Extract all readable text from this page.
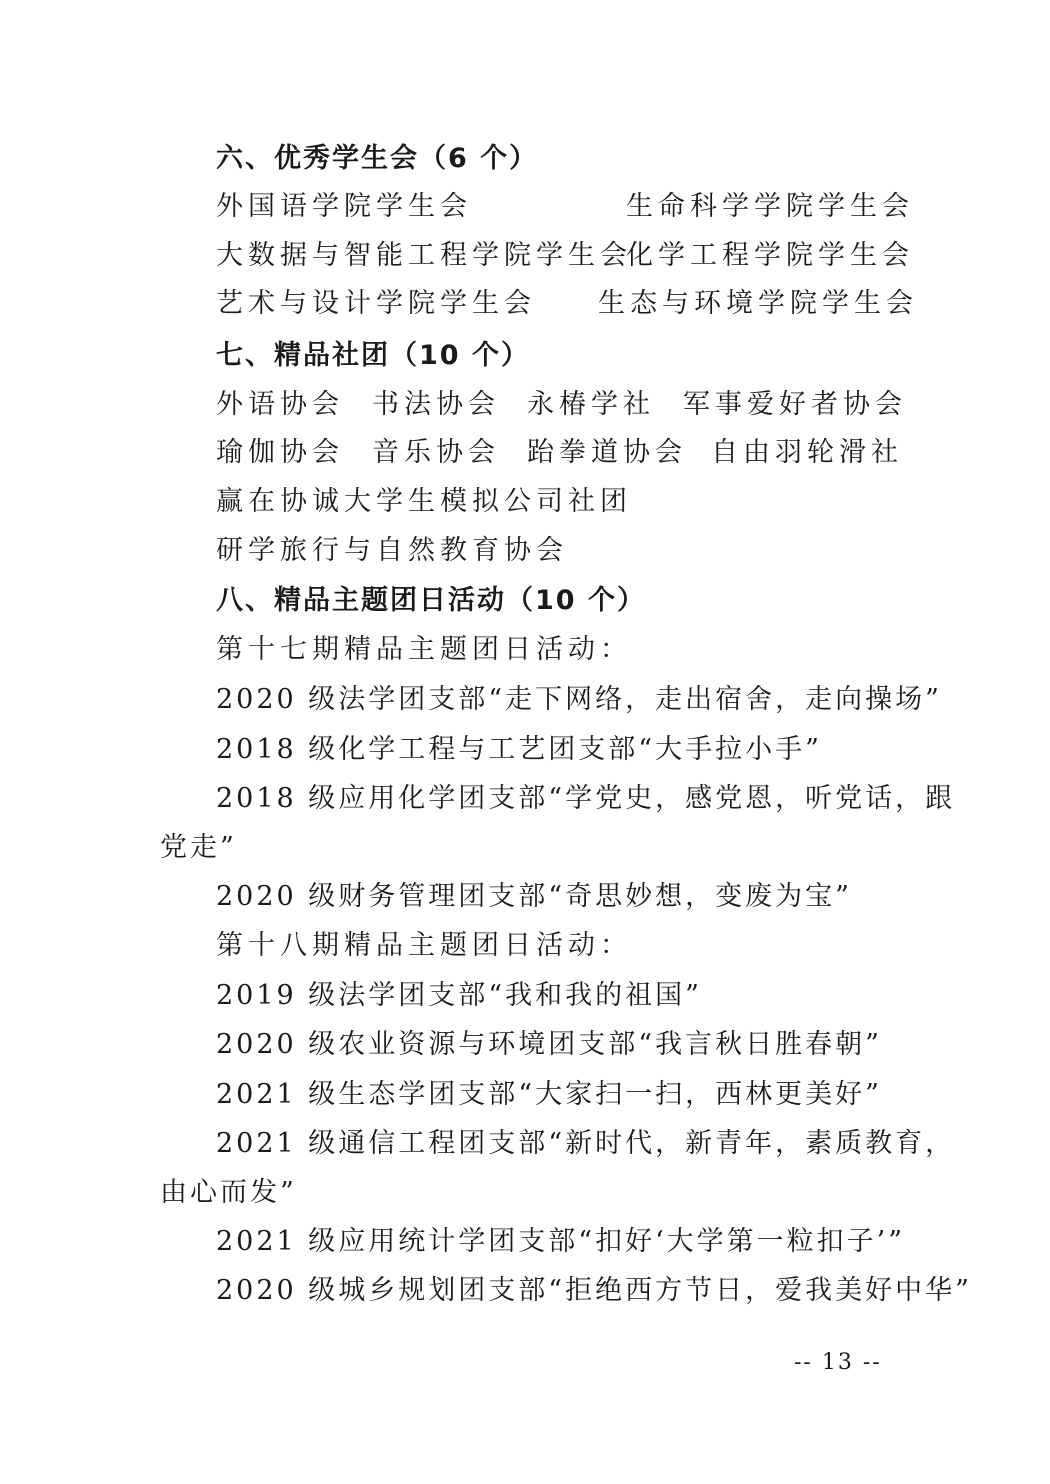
六、优秀学生会（6 个）
外国语学院学生会	生命科学学院学生会
大数据与智能工程学院学生会
化学工程学院学生会
艺术与设计学院学生会 生态与环境学院学生会
七、精品社团（10 个）
外语协会 书法协会 永椿学社 军事爱好者协会
瑜伽协会 音乐协会 跆拳道协会 自由羽轮滑社
赢在协诚大学生模拟公司社团
研学旅行与自然教育协会
八、精品主题团日活动（10 个）
第十七期精品主题团日活动：
2020 级法学团支部“走下网络，走出宿舍，走向操场”
2018 级化学工程与工艺团支部“大手拉小手”
2018 级应用化学团支部“学党史，感党恩，听党话，跟
党走”
2020 级财务管理团支部“奇思妙想，变废为宝”
第十八期精品主题团日活动：
2019 级法学团支部“我和我的祖国”
2020 级农业资源与环境团支部“我言秋日胜春朝”
2021 级生态学团支部“大家扫一扫，西林更美好”
2021 级通信工程团支部“新时代，新青年，素质教育，
由心而发”
2021 级应用统计学团支部“扣好‘大学第一粒扣子’”
2020 级城乡规划团支部“拒绝西方节日，爱我美好中华”
-- 13 --
